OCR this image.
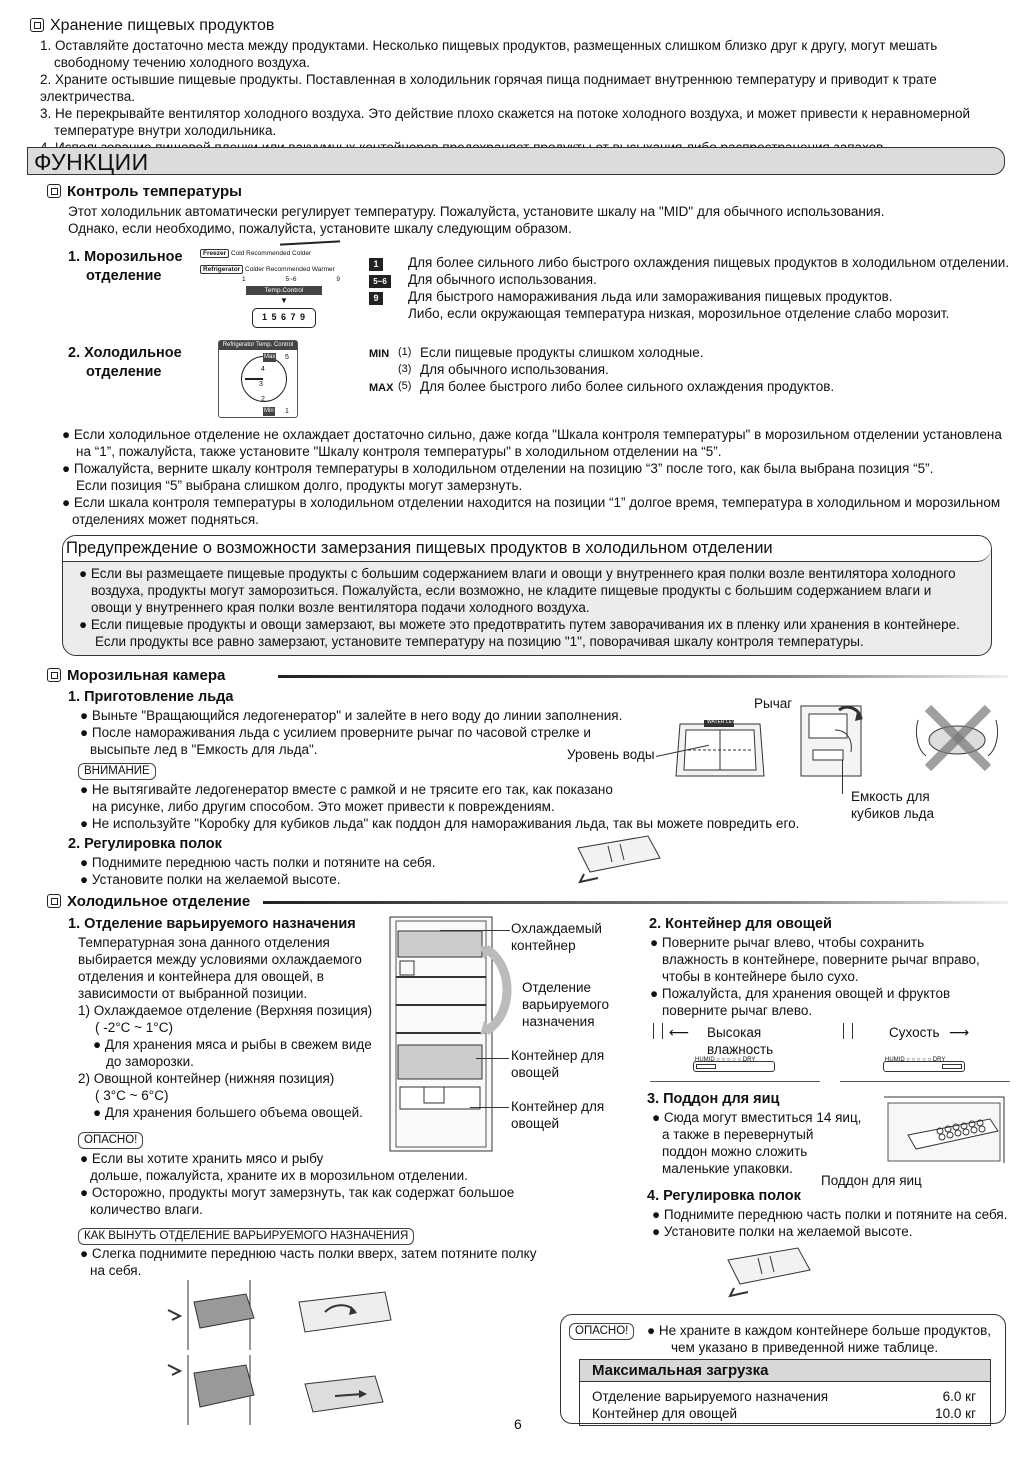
Хранение пищевых продуктов

1. Оставляйте достаточно места между продуктами. Несколько пищевых продуктов, размещенных слишком близко друг к другу, могут мешать

свободному течению холодного воздуха.

2. Храните остывшие пищевые продукты. Поставленная в холодильник горячая пища поднимает внутреннюю температуру и приводит к трате электричества.

3. Не перекрывайте вентилятор холодного воздуха. Это действие плохо скажется на потоке холодного воздуха, и может привести к неравномерной

температуре внутри холодильника.

ФУНКЦИИ
Контроль температуры

Этот холодильник автоматически регулирует температуру. Пожалуйста, установите шкалу на "MID" для обычного использования.

Однако, если необходимо, пожалуйста, установите шкалу следующим образом.

1. Морозильное
отделение
Freezer Cold Recommended Colder
Refrigerator Colder Recommended Warmer
1	5~6	9
Temp.Control
▼
1 5 6 7 9
1 Для более сильного либо быстрого охлаждения пищевых продуктов в холодильном отделении.
5~6 Для обычного использования.
9 Для быстрого намораживания льда или замораживания пищевых продуктов.
Либо, если окружающая температура низкая, морозильное отделение слабо морозит.
2. Холодильное
отделение
Refrigerator Temp. Control
Max 5
4
3
2
Min 1
MIN (1) Если пищевые продукты слишком холодные.
(3) Для обычного использования.
MAX (5) Для более быстрого либо более сильного охлаждения продуктов.

● Если холодильное отделение не охлаждает достаточно сильно, даже когда "Шкала контроля температуры" в морозильном отделении установлена

на “1”, пожалуйста, также установите "Шкалу контроля температуры" в холодильном отделении на “5”.

● Пожалуйста, верните шкалу контроля температуры в холодильном отделении на позицию “3” после того, как была выбрана позиция “5”.

Если позиция “5” выбрана слишком долго, продукты могут замерзнуть.

● Если шкала контроля температуры в холодильном отделении находится на позиции “1” долгое время, температура в холодильном и морозильном

отделениях может подняться.

Предупреждение о возможности замерзания пищевых продуктов в холодильном отделении

● Если вы размещаете пищевые продукты с большим содержанием влаги и овощи у внутреннего края полки возле вентилятора холодного

воздуха, продукты могут заморозиться. Пожалуйста, если возможно, не кладите пищевые продукты с большим содержанием влаги и

овощи у внутреннего края полки возле вентилятора подачи холодного воздуха.

● Если пищевые продукты и овощи замерзают, вы можете это предотвратить путем заворачивания их в пленку или хранения в контейнере.

Если продукты все равно замерзают, установите температуру на позицию "1", поворачивая шкалу контроля температуры.

Морозильная камера
1. Приготовление льда

● Выньте "Вращающийся ледогенератор" и залейте в него воду до линии заполнения.

● После намораживания льда с усилием проверните рычаг по часовой стрелке и

высыпьте лед в "Емкость для льда".

ВНИМАНИЕ

● Не вытягивайте ледогенератор вместе с рамкой и не трясите его так, как показано

на рисунке, либо другим способом. Это может привести к повреждениям.

● Не используйте "Коробку для кубиков льда" как поддон для намораживания льда, так вы можете повредить его.

WATER LEVEL
Рычаг
Уровень воды

Емкость для

кубиков льда

2. Регулировка полок

● Поднимите переднюю часть полки и потяните на себя.

● Установите полки на желаемой высоте.

Холодильное отделение
1. Отделение варьируемого назначения

Температурная зона данного отделения

выбирается между условиями охлаждаемого

отделения и контейнера для овощей, в

зависимости от выбранной позиции.

1) Охлаждаемое отделение (Верхняя позиция)

( -2°C ~ 1°C)

● Для хранения мяса и рыбы в свежем виде

до заморозки.

2) Овощной контейнер (нижняя позиция)

( 3°C ~ 6°C)

● Для хранения большего объема овощей.

ОПАСНО!

● Если вы хотите хранить мясо и рыбу

дольше, пожалуйста, храните их в морозильном отделении.

● Осторожно, продукты могут замерзнуть, так как содержат большое

количество влаги.

КАК ВЫНУТЬ ОТДЕЛЕНИЕ ВАРЬИРУЕМОГО НАЗНАЧЕНИЯ

● Слегка поднимите переднюю часть полки вверх, затем потяните полку

на себя.

Охлаждаемый

контейнер

Отделение

варьируемого

назначения

Контейнер для

овощей

Контейнер для

овощей

2. Контейнер для овощей

● Поверните рычаг влево, чтобы сохранить

влажность в контейнере, поверните рычаг вправо,

чтобы в контейнере было сухо.

● Пожалуйста, для хранения овощей и фруктов

поверните рычаг влево.

⟵ Высокая влажность
HUMID ○ ○ ○ ○ ○ DRY
Сухость ⟶
HUMID ○ ○ ○ ○ ○ DRY
3. Поддон для яиц

● Сюда могут вместиться 14 яиц,

а также в перевернутый

поддон можно сложить

маленькие упаковки.

Поддон для яиц
4. Регулировка полок

● Поднимите переднюю часть полки и потяните на себя.

● Установите полки на желаемой высоте.

ОПАСНО!	● Не храните в каждом контейнере больше продуктов,

чем указано в приведенной ниже таблице.

Максимальная загрузка	
Отделение варьируемого назначения	6.0 кг
Контейнер для овощей	10.0 кг
6
